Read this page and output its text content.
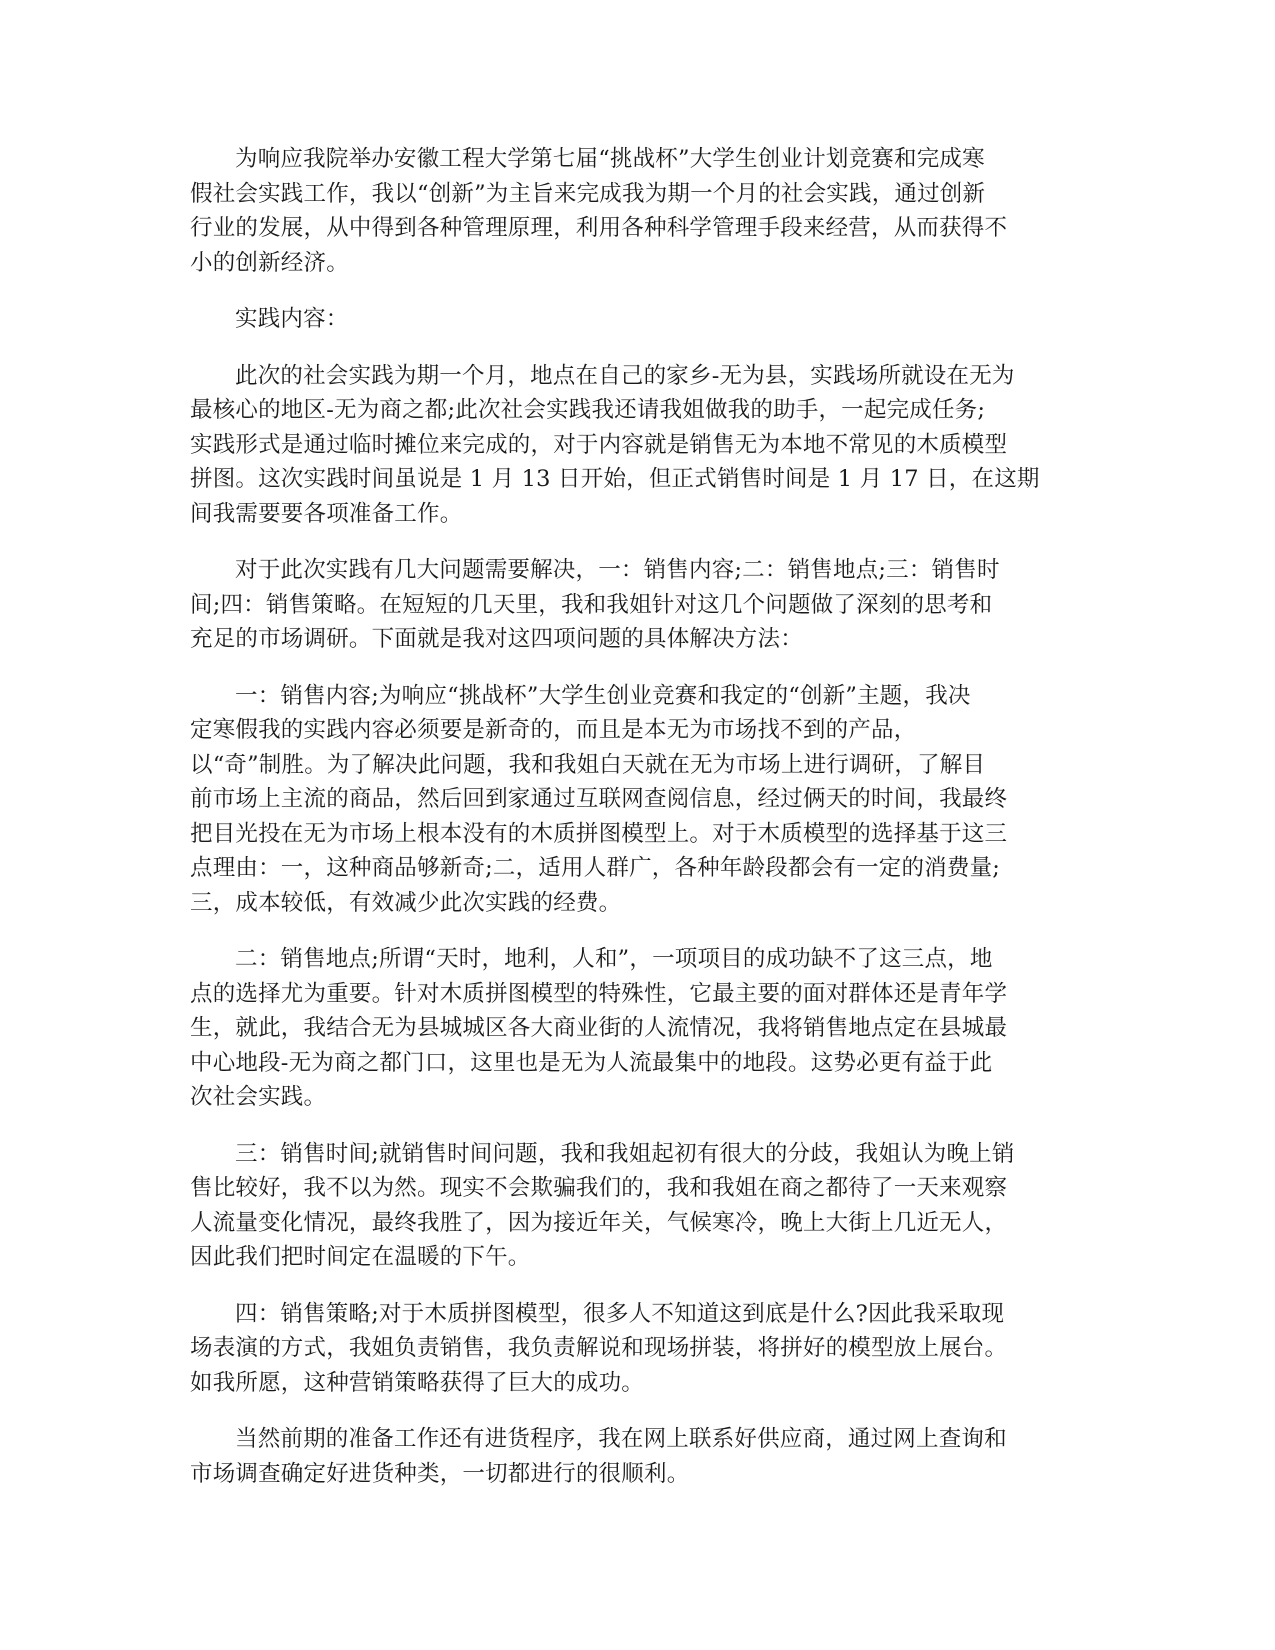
为响应我院举办安徽工程大学第七届“挑战杯”大学生创业计划竞赛和完成寒
假社会实践工作，我以“创新”为主旨来完成我为期一个月的社会实践，通过创新
行业的发展，从中得到各种管理原理，利用各种科学管理手段来经营，从而获得不
小的创新经济。

实践内容：

此次的社会实践为期一个月，地点在自己的家乡-无为县，实践场所就设在无为
最核心的地区-无为商之都;此次社会实践我还请我姐做我的助手，一起完成任务;
实践形式是通过临时摊位来完成的，对于内容就是销售无为本地不常见的木质模型
拼图。这次实践时间虽说是 1 月 13 日开始，但正式销售时间是 1 月 17 日，在这期
间我需要要各项准备工作。

对于此次实践有几大问题需要解决，一：销售内容;二：销售地点;三：销售时
间;四：销售策略。在短短的几天里，我和我姐针对这几个问题做了深刻的思考和
充足的市场调研。下面就是我对这四项问题的具体解决方法：

一：销售内容;为响应“挑战杯”大学生创业竞赛和我定的“创新”主题，我决
定寒假我的实践内容必须要是新奇的，而且是本无为市场找不到的产品，
以“奇”制胜。为了解决此问题，我和我姐白天就在无为市场上进行调研，了解目
前市场上主流的商品，然后回到家通过互联网查阅信息，经过俩天的时间，我最终
把目光投在无为市场上根本没有的木质拼图模型上。对于木质模型的选择基于这三
点理由：一，这种商品够新奇;二，适用人群广，各种年龄段都会有一定的消费量;
三，成本较低，有效减少此次实践的经费。

二：销售地点;所谓“天时，地利，人和”，一项项目的成功缺不了这三点，地
点的选择尤为重要。针对木质拼图模型的特殊性，它最主要的面对群体还是青年学
生，就此，我结合无为县城城区各大商业街的人流情况，我将销售地点定在县城最
中心地段-无为商之都门口，这里也是无为人流最集中的地段。这势必更有益于此
次社会实践。

三：销售时间;就销售时间问题，我和我姐起初有很大的分歧，我姐认为晚上销
售比较好，我不以为然。现实不会欺骗我们的，我和我姐在商之都待了一天来观察
人流量变化情况，最终我胜了，因为接近年关，气候寒冷，晚上大街上几近无人，
因此我们把时间定在温暖的下午。

四：销售策略;对于木质拼图模型，很多人不知道这到底是什么?因此我采取现
场表演的方式，我姐负责销售，我负责解说和现场拼装，将拼好的模型放上展台。
如我所愿，这种营销策略获得了巨大的成功。

当然前期的准备工作还有进货程序，我在网上联系好供应商，通过网上查询和
市场调查确定好进货种类，一切都进行的很顺利。
